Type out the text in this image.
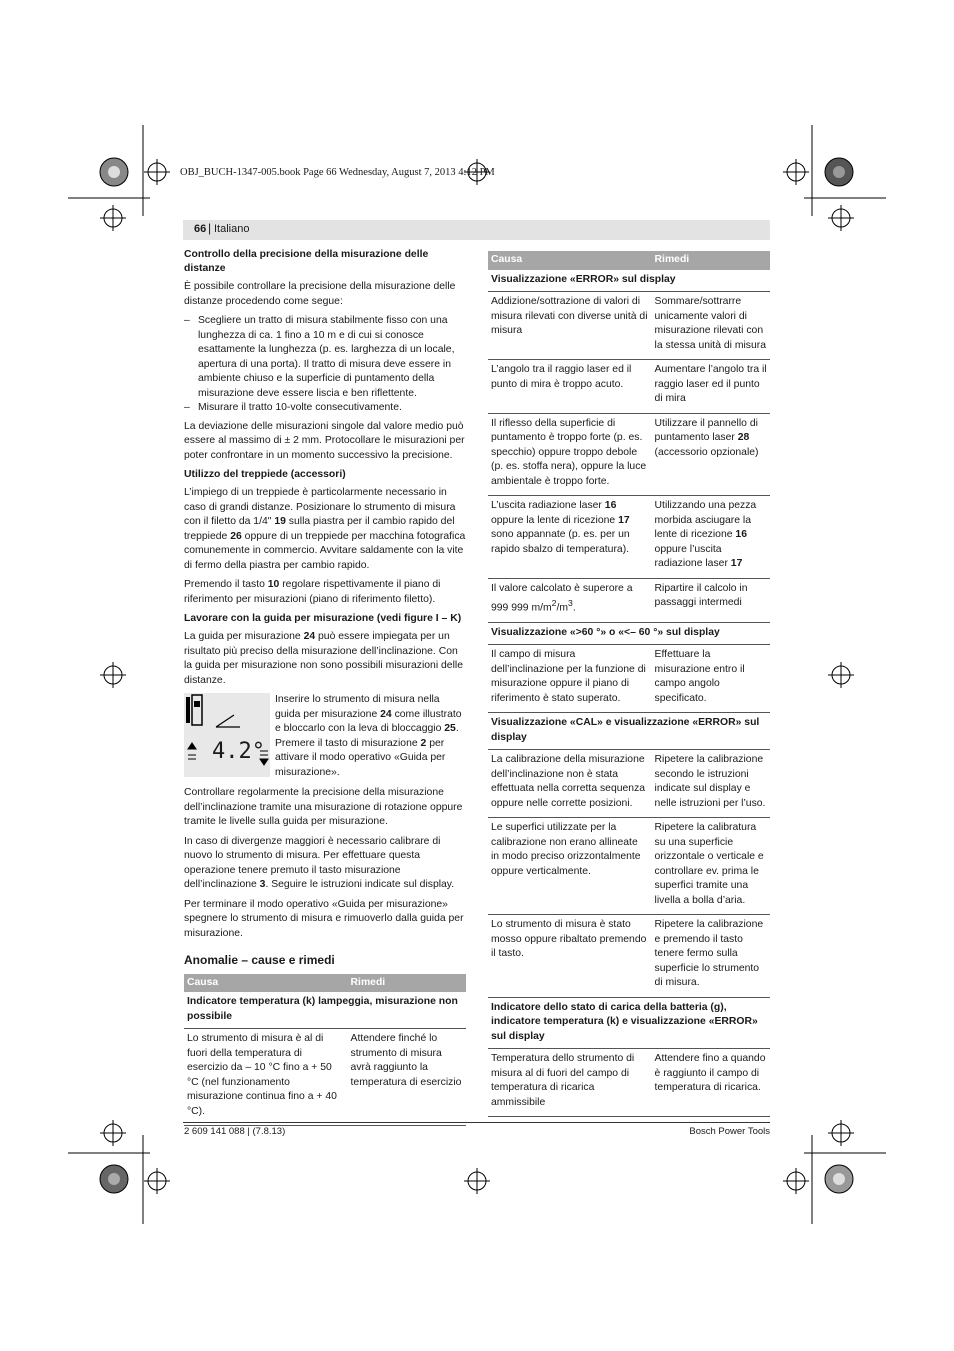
OBJ_BUCH-1347-005.book Page 66 Wednesday, August 7, 2013 4:12 PM
66 | Italiano
Controllo della precisione della misurazione delle distanze

È possibile controllare la precisione della misurazione delle distanze procedendo come segue:

– Scegliere un tratto di misura stabilmente fisso con una lunghezza di ca. 1 fino a 10 m e di cui si conosce esattamente la lunghezza (p. es. larghezza di un locale, apertura di una porta). Il tratto di misura deve essere in ambiente chiuso e la superficie di puntamento della misurazione deve essere liscia e ben riflettente.
– Misurare il tratto 10-volte consecutivamente.

La deviazione delle misurazioni singole dal valore medio può essere al massimo di ± 2 mm. Protocollare le misurazioni per poter confrontare in un momento successivo la precisione.

Utilizzo del treppiede (accessori)

L’impiego di un treppiede è particolarmente necessario in caso di grandi distanze. Posizionare lo strumento di misura con il filetto da 1/4" 19 sulla piastra per il cambio rapido del treppiede 26 oppure di un treppiede per macchina fotografica comunemente in commercio. Avvitare saldamente con la vite di fermo della piastra per cambio rapido.

Premendo il tasto 10 regolare rispettivamente il piano di riferimento per misurazioni (piano di riferimento filetto).

Lavorare con la guida per misurazione (vedi figure I – K)

La guida per misurazione 24 può essere impiegata per un risultato più preciso della misurazione dell’inclinazione. Con la guida per misurazione non sono possibili misurazioni delle distanze.

4.2°
Inserire lo strumento di misura nella guida per misurazione 24 come illustrato e bloccarlo con la leva di bloccaggio 25. Premere il tasto di misurazione 2 per attivare il modo operativo «Guida per misurazione».

Controllare regolarmente la precisione della misurazione dell’inclinazione tramite una misurazione di rotazione oppure tramite le livelle sulla guida per misurazione.

In caso di divergenze maggiori è necessario calibrare di nuovo lo strumento di misura. Per effettuare questa operazione tenere premuto il tasto misurazione dell’inclinazione 3. Seguire le istruzioni indicate sul display.

Per terminare il modo operativo «Guida per misurazione» spegnere lo strumento di misura e rimuoverlo dalla guida per misurazione.

Anomalie – cause e rimedi
Causa	Rimedi
Indicatore temperatura (k) lampeggia, misurazione non possibile	
Lo strumento di misura è al di fuori della temperatura di esercizio da – 10 °C fino a + 50 °C (nel funzionamento misurazione continua fino a + 40 °C).	Attendere finché lo strumento di misura avrà raggiunto la temperatura di esercizio
Causa	Rimedi
Visualizzazione «ERROR» sul display	
Addizione/sottrazione di valori di misura rilevati con diverse unità di misura	Sommare/sottrarre unicamente valori di misurazione rilevati con la stessa unità di misura
L’angolo tra il raggio laser ed il punto di mira è troppo acuto.	Aumentare l’angolo tra il raggio laser ed il punto di mira
Il riflesso della superficie di puntamento è troppo forte (p. es. specchio) oppure troppo debole (p. es. stoffa nera), oppure la luce ambientale è troppo forte.	Utilizzare il pannello di puntamento laser 28 (accessorio opzionale)
L’uscita radiazione laser 16 oppure la lente di ricezione 17 sono appannate (p. es. per un rapido sbalzo di temperatura).	Utilizzando una pezza morbida asciugare la lente di ricezione 16 oppure l’uscita radiazione laser 17
Il valore calcolato è superore a 999 999 $m/m^2/m^3$.	Ripartire il calcolo in passaggi intermedi
Visualizzazione «>60 °» o «<– 60 °» sul display	
Il campo di misura dell’inclinazione per la funzione di misurazione oppure il piano di riferimento è stato superato.	Effettuare la misurazione entro il campo angolo specificato.
Visualizzazione «CAL» e visualizzazione «ERROR» sul display	
La calibrazione della misurazione dell’inclinazione non è stata effettuata nella corretta sequenza oppure nelle corrette posizioni.	Ripetere la calibrazione secondo le istruzioni indicate sul display e nelle istruzioni per l’uso.
Le superfici utilizzate per la calibrazione non erano allineate in modo preciso orizzontalmente oppure verticalmente.	Ripetere la calibratura su una superficie orizzontale o verticale e controllare ev. prima le superfici tramite una livella a bolla d’aria.
Lo strumento di misura è stato mosso oppure ribaltato premendo il tasto.	Ripetere la calibrazione e premendo il tasto tenere fermo sulla superficie lo strumento di misura.
Indicatore dello stato di carica della batteria (g), indicatore temperatura (k) e visualizzazione «ERROR» sul display	
Temperatura dello strumento di misura al di fuori del campo di temperatura di ricarica ammissibile	Attendere fino a quando è raggiunto il campo di temperatura di ricarica.
2 609 141 088 | (7.8.13)	Bosch Power Tools
